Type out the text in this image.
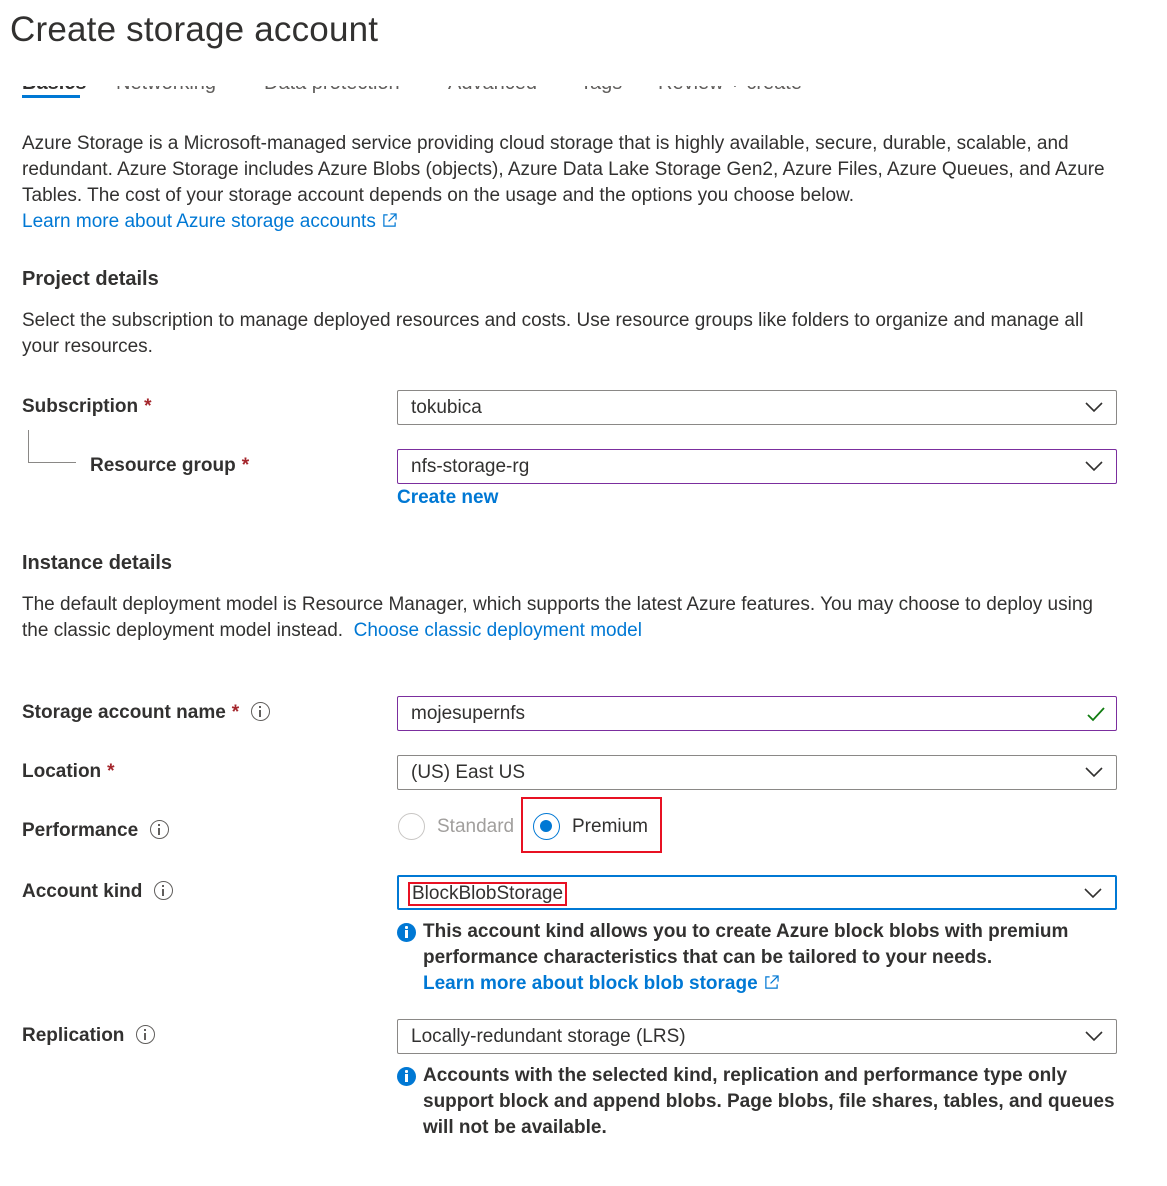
Create storage account
Azure Storage is a Microsoft-managed service providing cloud storage that is highly available, secure, durable, scalable, and
redundant. Azure Storage includes Azure Blobs (objects), Azure Data Lake Storage Gen2, Azure Files, Azure Queues, and Azure
Tables. The cost of your storage account depends on the usage and the options you choose below.
Learn more about Azure storage accounts
Project details
Select the subscription to manage deployed resources and costs. Use resource groups like folders to organize and manage all
your resources.
Subscription *	tokubica
Resource group *	nfs-storage-rg
Create new
Instance details
The default deployment model is Resource Manager, which supports the latest Azure features. You may choose to deploy using
the classic deployment model instead. Choose classic deployment model
Storage account name *	mojesupernfs
Location *	(US) East US
Performance	Standard	Premium
Account kind	BlockBlobStorage
This account kind allows you to create Azure block blobs with premium
performance characteristics that can be tailored to your needs.
Learn more about block blob storage
Replication	Locally-redundant storage (LRS)
Accounts with the selected kind, replication and performance type only
support block and append blobs. Page blobs, file shares, tables, and queues
will not be available.
